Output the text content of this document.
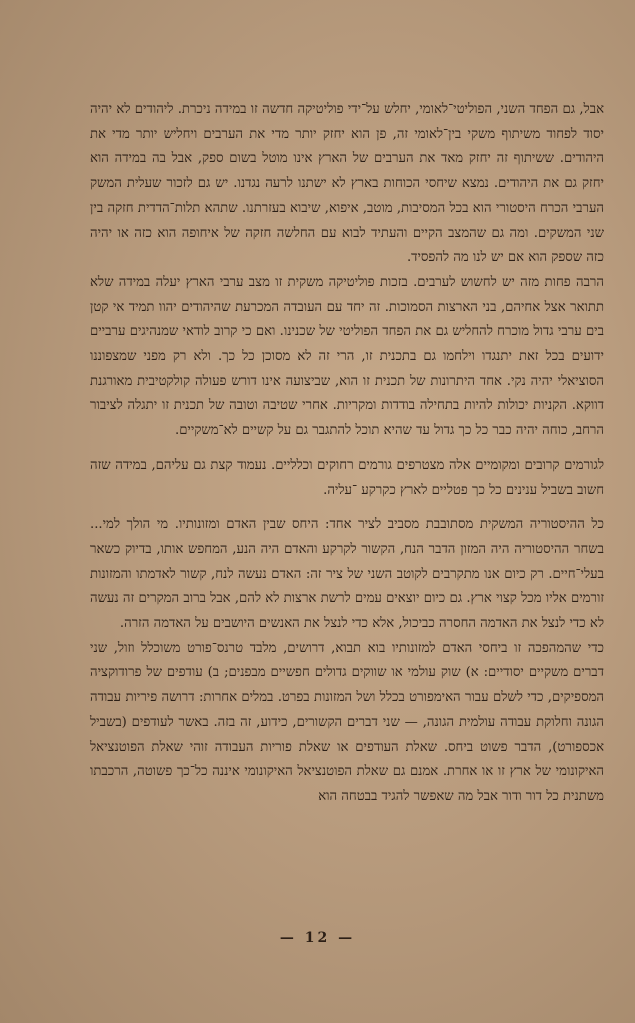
אבל, גם הפחד השני, הפוליטי־לאומי, יחלש על־ידי פוליטיקה חדשה זו במידה ניכרת. ליהודים לא יהיה יסוד לפחוד משיתוף משקי בין־לאומי זה, פן הוא יחזק יותר מדי את הערבים ויחליש יותר מדי את היהודים. ששיתוף זה יחזק מאד את הערבים של הארץ אינו מוטל בשום ספק, אבל בה במידה הוא יחזק גם את היהודים. נמצא שיחסי הכוחות בארץ לא ישתנו לרעה נגדנו. יש גם לזכור שעלית המשק הערבי הכרח היסטורי הוא בכל המסיבות, מוטב, איפוא, שיבוא בעזרתנו. שתהא תלות־הדדית חזקה בין שני המשקים. ומה גם שהמצב הקיים והעתיד לבוא עם החלשה חזקה של איחופה הוא כזה או יהיה כזה שספק הוא אם יש לנו מה להפסיד.
הרבה פחות מזה יש לחשוש לערבים. בזכות פוליטיקה משקית זו מצב ערבי הארץ יעלה במידה שלא תתואר אצל אחיהם, בני הארצות הסמוכות. זה יחד עם העובדה המכרעת שהיהודים יהוו תמיד אי קטן בים ערבי גדול מוכרח להחליש גם את הפחד הפוליטי של שכנינו. ואם כי קרוב לודאי שמנהיגים ערביים ידועים בכל זאת יתנגדו וילחמו גם בתכנית זו, הרי זה לא מסוכן כל כך. ולא רק מפני שמצפוננו הסוציאלי יהיה נקי. אחד היתרונות של תכנית זו הוא, שביצועה אינו דורש פעולה קולקטיבית מאורגנת דווקא. הקניות יכולות להיות בתחילה בודדות ומקריות. אחרי שטיבה וטובה של תכנית זו יתגלה לציבור הרחב, כוחה יהיה כבר כל כך גדול עד שהיא תוכל להתגבר גם על קשיים לא־משקיים.
לגורמים קרובים ומקומיים אלה מצטרפים גורמים רחוקים וכלליים. נעמוד קצת גם עליהם, במידה שזה חשוב בשביל ענינים כל כך פטליים לארץ כקרקע ־עליה.
כל ההיסטוריה המשקית מסתובבת מסביב לציר אחד: היחס שבין האדם ומזונותיו. מי הולך למי... בשחר ההיסטוריה היה המזון הדבר הנח, הקשור לקרקע והאדם היה הנע, המחפש אותו, בדיוק כשאר בעלי־חיים. רק כיום אנו מתקרבים לקוטב השני של ציר זה: האדם נעשה לנח, קשור לאדמתו והמזונות זורמים אליו מכל קצוי ארץ. גם כיום יוצאים עמים לרשת ארצות לא להם, אבל ברוב המקרים זה נעשה לא כדי לנצל את האדמה החסרה כביכול, אלא כדי לנצל את האנשים היושבים על האדמה הזרה.
כדי שהמהפכה זו ביחסי האדם למזונותיו בוא תבוא, דרושים, מלבד טרנס־פורט משוכלל וזול, שני דברים משקיים יסודיים: א) שוק עולמי או שווקים גדולים חפשיים מבפנים; ב) עודפים של פרודוקציה המספיקים, כדי לשלם עבור האימפורט בכלל ושל המזונות בפרט. במלים אחרות: דרושה פיריות עבודה הגונה וחלוקת עבודה עולמית הגונה, — שני דברים הקשורים, כידוע, זה בזה. באשר לעודפים (בשביל אכספורט), הדבר פשוט ביחס. שאלת העודפים או שאלת פוריות העבודה זוהי שאלת הפוטנציאל האיקונומי של ארץ זו או אחרת. אמנם גם שאלת הפוטנציאל האיקונומי איננה כל־כך פשוטה, הרכבתו משתנית כל דור ודור אבל מה שאפשר להגיד בבטחה הוא
— 12 —
